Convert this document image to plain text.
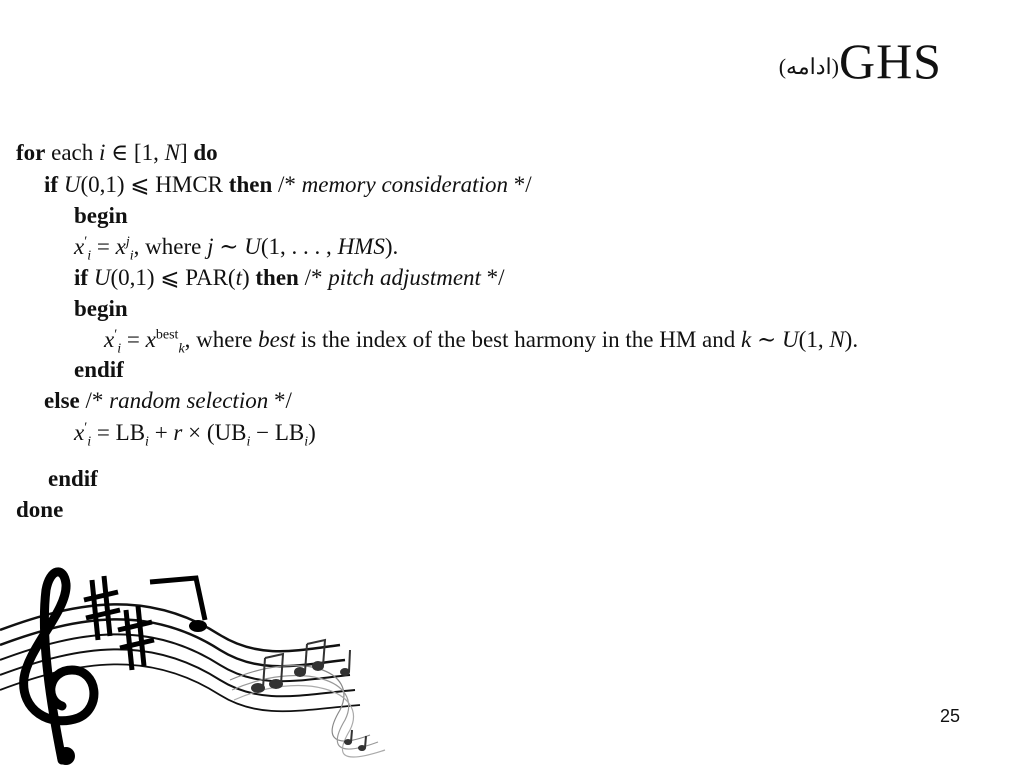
(ادامه)GHS
for each i ∈ [1, N] do
if U(0,1) ⩽ HMCR then /* memory consideration */
begin
$x'_i = x^j_i$, where j ∼ U(1, . . . , HMS).
if U(0,1) ⩽ PAR(t) then /* pitch adjustment */
begin
$x'_i = x^{best}_k$, where best is the index of the best harmony in the HM and k ∼ U(1, N).
endif
else /* random selection */
$x'_i = LB_i + r \times (UB_i - LB_i)$
endif
done
25
